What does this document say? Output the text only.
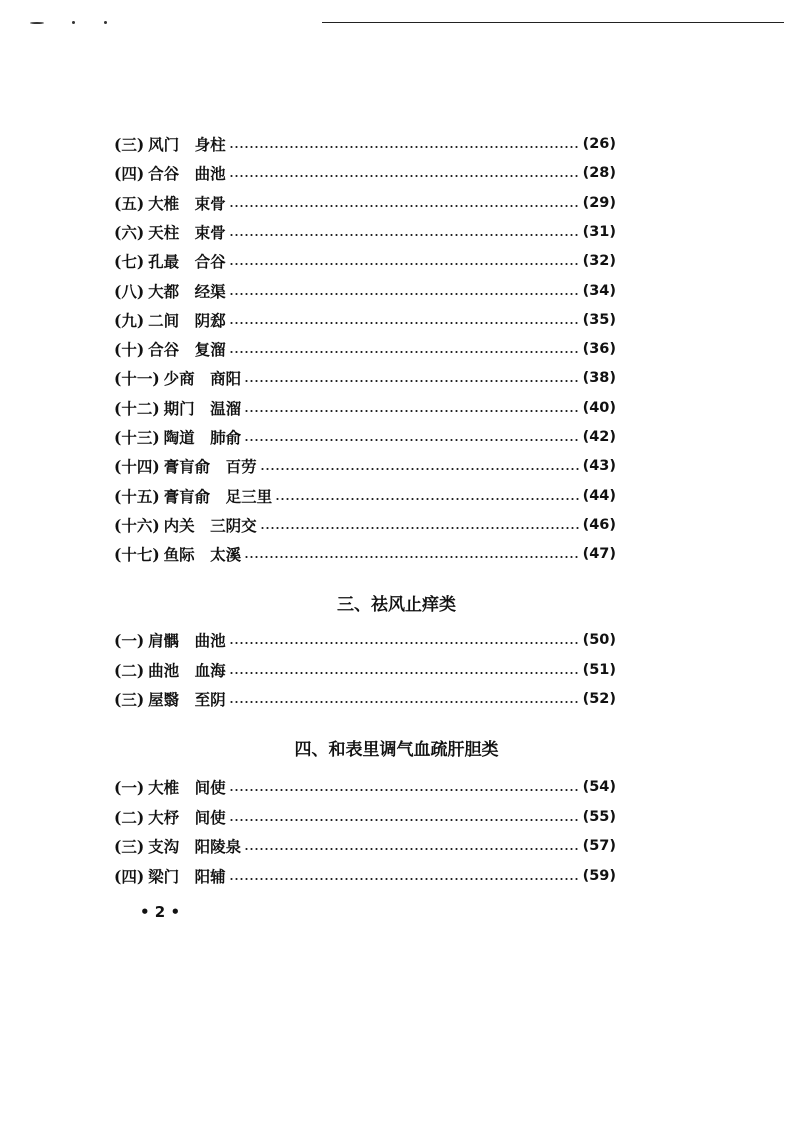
(三) 风门　身柱	(26)
(四) 合谷　曲池	(28)
(五) 大椎　束骨	(29)
(六) 天柱　束骨	(31)
(七) 孔最　合谷	(32)
(八) 大都　经渠	(34)
(九) 二间　阴郄	(35)
(十) 合谷　复溜	(36)
(十一) 少商　商阳	(38)
(十二) 期门　温溜	(40)
(十三) 陶道　肺俞	(42)
(十四) 膏肓俞　百劳	(43)
(十五) 膏肓俞　足三里	(44)
(十六) 内关　三阴交	(46)
(十七) 鱼际　太溪	(47)
(一) 肩髃　曲池	(50)
(二) 曲池　血海	(51)
(三) 屋翳　至阴	(52)
(一) 大椎　间使	(54)
(二) 大杼　间使	(55)
(三) 支沟　阳陵泉	(57)
(四) 梁门　阳辅	(59)
三、祛风止痒类
四、和表里调气血疏肝胆类
• 2 •
